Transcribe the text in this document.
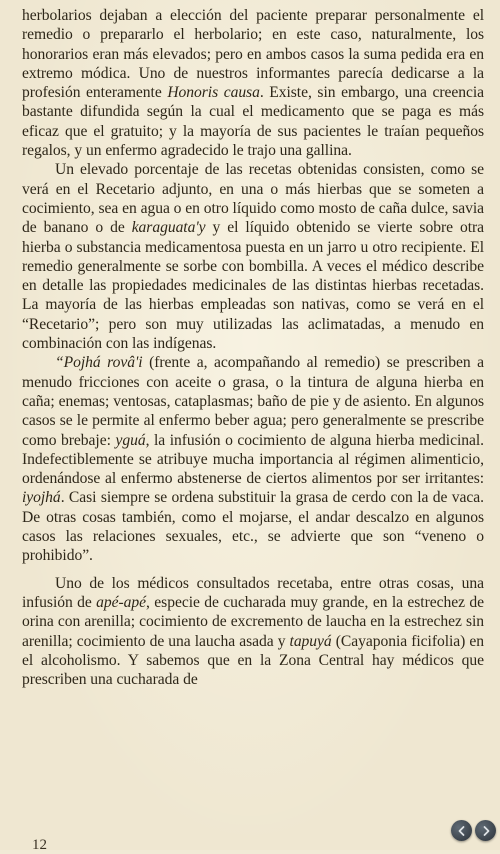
herbolarios dejaban a elección del paciente preparar personalmente el remedio o prepararlo el herbolario; en este caso, naturalmente, los honorarios eran más elevados; pero en ambos casos la suma pedida era en extremo módica. Uno de nuestros informantes parecía dedicarse a la profesión enteramente Honoris causa. Existe, sin embargo, una creencia bastante difundida según la cual el medicamento que se paga es más eficaz que el gratuito; y la mayoría de sus pacientes le traían pequeños regalos, y un enfermo agradecido le trajo una gallina.

Un elevado porcentaje de las recetas obtenidas consisten, como se verá en el Recetario adjunto, en una o más hierbas que se someten a cocimiento, sea en agua o en otro líquido como mosto de caña dulce, savia de banano o de karaguata'y y el líquido obtenido se vierte sobre otra hierba o substancia medicamentosa puesta en un jarro u otro recipiente. El remedio generalmente se sorbe con bombilla. A veces el médico describe en detalle las propiedades medicinales de las distintas hierbas recetadas. La mayoría de las hierbas empleadas son nativas, como se verá en el “Recetario”; pero son muy utilizadas las aclimatadas, a menudo en combinación con las indígenas.

“Pojhá rovâ'i (frente a, acompañando al remedio) se prescriben a menudo fricciones con aceite o grasa, o la tintura de alguna hierba en caña; enemas; ventosas, cataplasmas; baño de pie y de asiento. En algunos casos se le permite al enfermo beber agua; pero generalmente se prescribe como brebaje: yguá, la infusión o cocimiento de alguna hierba medicinal. Indefectiblemente se atribuye mucha importancia al régimen alimenticio, ordenándose al enfermo abstenerse de ciertos alimentos por ser irritantes: iyojhá. Casi siempre se ordena substituir la grasa de cerdo con la de vaca. De otras cosas también, como el mojarse, el andar descalzo en algunos casos las relaciones sexuales, etc., se advierte que son “veneno o prohibido”.

Uno de los médicos consultados recetaba, entre otras cosas, una infusión de apé-apé, especie de cucharada muy grande, en la estrechez de orina con arenilla; cocimiento de excremento de laucha en la estrechez sin arenilla; cocimiento de una laucha asada y tapuyá (Cayaponia ficifolia) en el alcoholismo. Y sabemos que en la Zona Central hay médicos que prescriben una cucharada de

12
